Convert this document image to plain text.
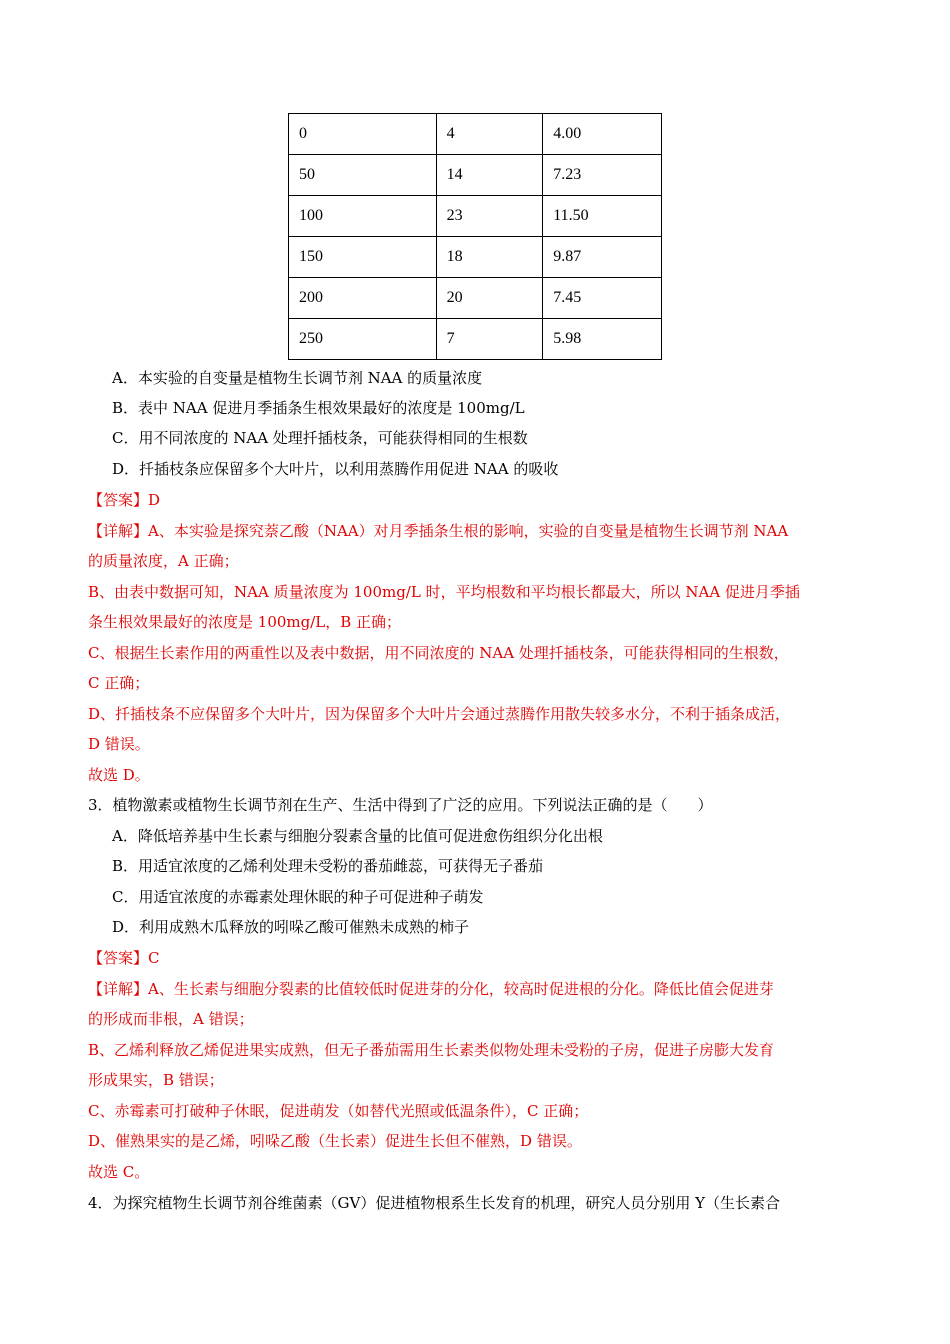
0	4	4.00
50	14	7.23
100	23	11.50
150	18	9.87
200	20	7.45
250	7	5.98
A．本实验的自变量是植物生长调节剂 NAA 的质量浓度
B．表中 NAA 促进月季插条生根效果最好的浓度是 100mg/L
C．用不同浓度的 NAA 处理扦插枝条，可能获得相同的生根数
D．扦插枝条应保留多个大叶片，以利用蒸腾作用促进 NAA 的吸收
【答案】D
【详解】A、本实验是探究萘乙酸（NAA）对月季插条生根的影响，实验的自变量是植物生长调节剂 NAA
的质量浓度，A 正确；
B、由表中数据可知，NAA 质量浓度为 100mg/L 时，平均根数和平均根长都最大，所以 NAA 促进月季插
条生根效果最好的浓度是 100mg/L，B 正确；
C、根据生长素作用的两重性以及表中数据，用不同浓度的 NAA 处理扦插枝条，可能获得相同的生根数，
C 正确；
D、扦插枝条不应保留多个大叶片，因为保留多个大叶片会通过蒸腾作用散失较多水分，不利于插条成活，
D 错误。
故选 D。
3．植物激素或植物生长调节剂在生产、生活中得到了广泛的应用。下列说法正确的是（　　）
A．降低培养基中生长素与细胞分裂素含量的比值可促进愈伤组织分化出根
B．用适宜浓度的乙烯利处理未受粉的番茄雌蕊，可获得无子番茄
C．用适宜浓度的赤霉素处理休眠的种子可促进种子萌发
D．利用成熟木瓜释放的吲哚乙酸可催熟未成熟的柿子
【答案】C
【详解】A、生长素与细胞分裂素的比值较低时促进芽的分化，较高时促进根的分化。降低比值会促进芽
的形成而非根，A 错误；
B、乙烯利释放乙烯促进果实成熟，但无子番茄需用生长素类似物处理未受粉的子房，促进子房膨大发育
形成果实，B 错误；
C、赤霉素可打破种子休眠，促进萌发（如替代光照或低温条件），C 正确；
D、催熟果实的是乙烯，吲哚乙酸（生长素）促进生长但不催熟，D 错误。
故选 C。
4．为探究植物生长调节剂谷维菌素（GV）促进植物根系生长发育的机理，研究人员分别用 Y（生长素合
